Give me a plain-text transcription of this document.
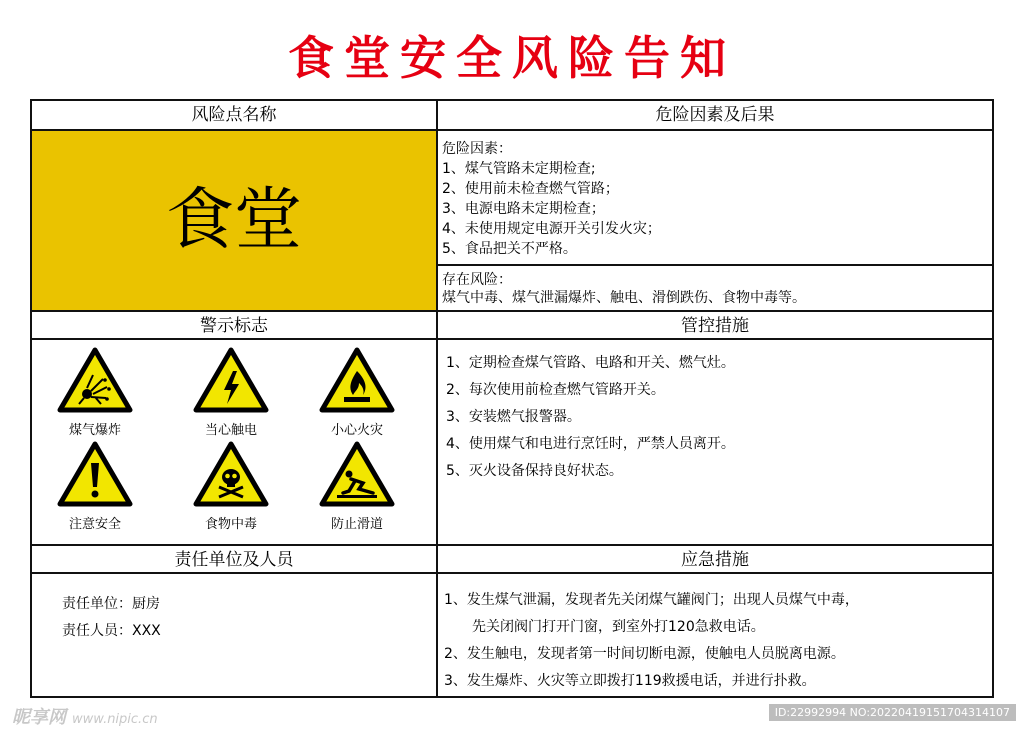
食堂安全风险告知
风险点名称	危险因素及后果
食堂
危险因素：
1、煤气管路未定期检查;
2、使用前未检查燃气管路；
3、电源电路未定期检查；
4、未使用规定电源开关引发火灾；
5、食品把关不严格。
存在风险：
煤气中毒、煤气泄漏爆炸、触电、滑倒跌伤、食物中毒等。
警示标志	管控措施
煤气爆炸	当心触电	小心火灾
注意安全	食物中毒	防止滑道
1、定期检查煤气管路、电路和开关、燃气灶。
2、每次使用前检查燃气管路开关。
3、安装燃气报警器。
4、使用煤气和电进行烹饪时，严禁人员离开。
5、灭火设备保持良好状态。
责任单位及人员	应急措施
责任单位：厨房
责任人员：XXX
1、发生煤气泄漏，发现者先关闭煤气罐阀门；出现人员煤气中毒，
先关闭阀门打开门窗，到室外打120急救电话。
2、发生触电，发现者第一时间切断电源，使触电人员脱离电源。
3、发生爆炸、火灾等立即拨打119救援电话，并进行扑救。
昵享网 www.nipic.cn	ID:22992994 NO:20220419151704314107
